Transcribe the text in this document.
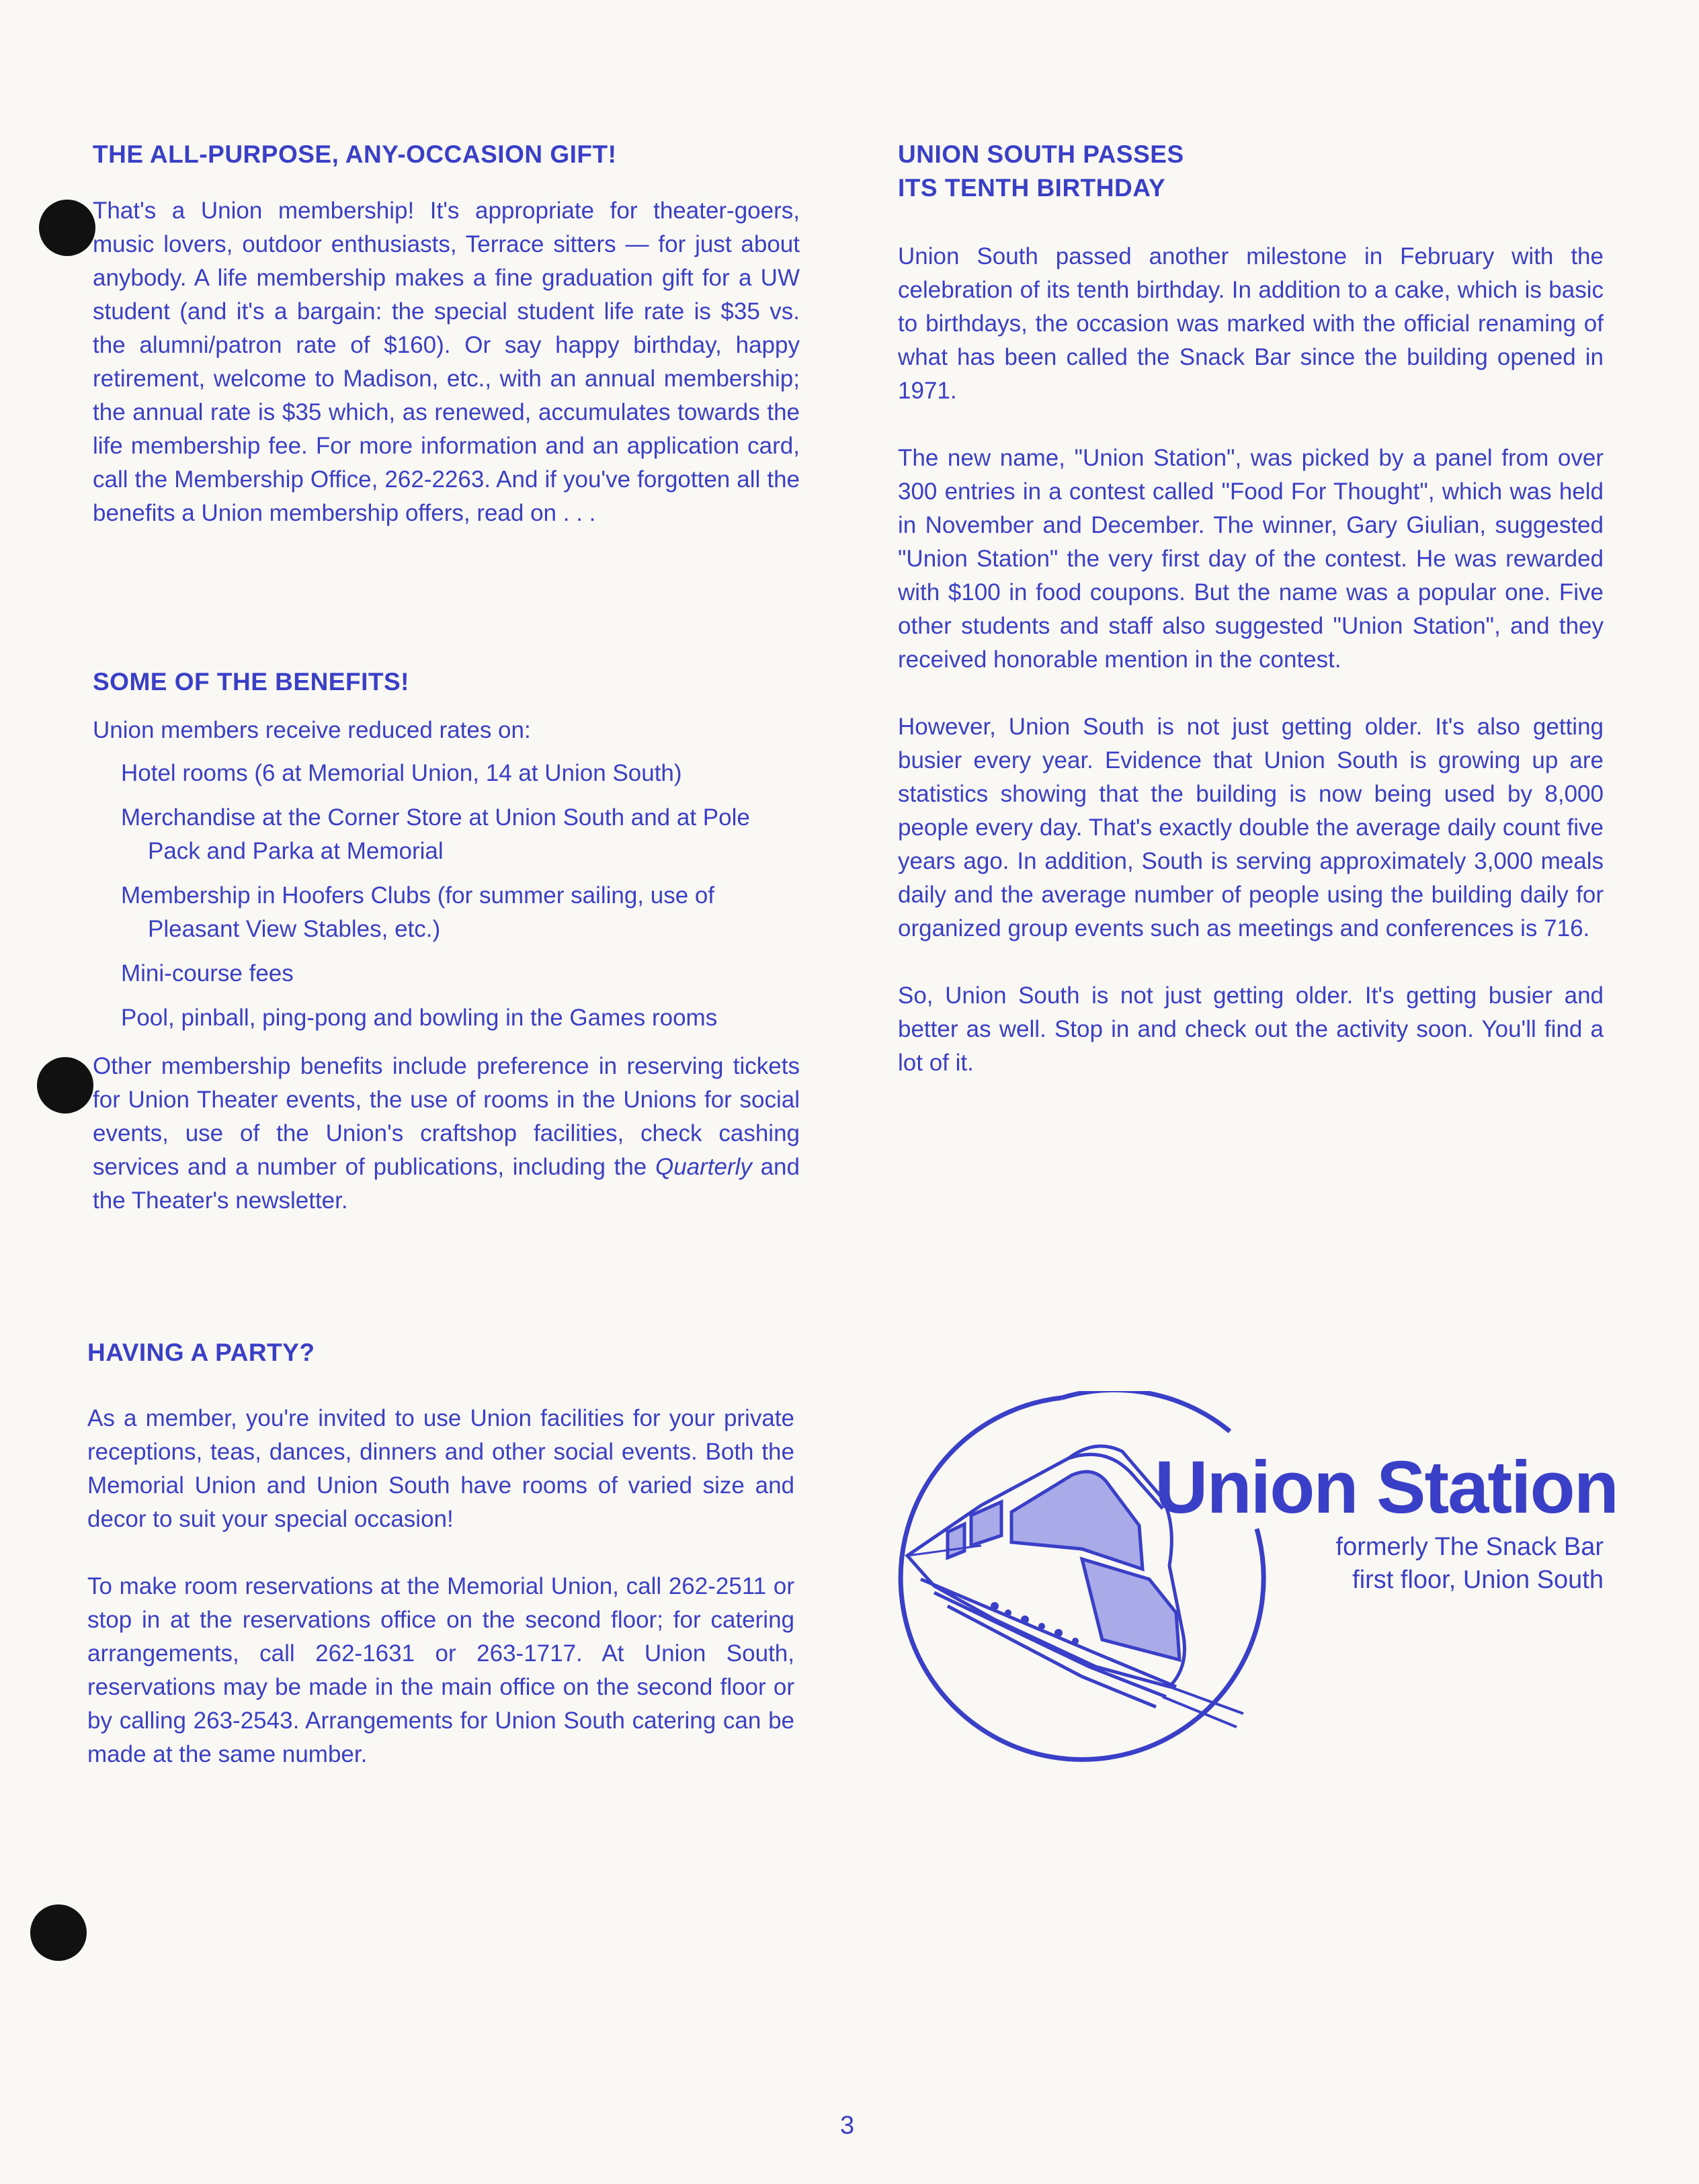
THE ALL-PURPOSE, ANY-OCCASION GIFT!

That's a Union membership! It's appropriate for theater-goers, music lovers, outdoor enthusiasts, Terrace sitters — for just about anybody. A life membership makes a fine graduation gift for a UW student (and it's a bargain: the special student life rate is $35 vs. the alumni/patron rate of $160). Or say happy birthday, happy retirement, welcome to Madison, etc., with an annual membership; the annual rate is $35 which, as renewed, accumulates towards the life membership fee. For more information and an application card, call the Membership Office, 262-2263. And if you've forgotten all the benefits a Union membership offers, read on . . .

SOME OF THE BENEFITS!

Union members receive reduced rates on:

Hotel rooms (6 at Memorial Union, 14 at Union South)
Merchandise at the Corner Store at Union South and at Pole Pack and Parka at Memorial
Membership in Hoofers Clubs (for summer sailing, use of Pleasant View Stables, etc.)
Mini-course fees
Pool, pinball, ping-pong and bowling in the Games rooms

Other membership benefits include preference in reserving tickets for Union Theater events, the use of rooms in the Unions for social events, use of the Union's craftshop facilities, check cashing services and a number of publications, including the Quarterly and the Theater's newsletter.

HAVING A PARTY?

As a member, you're invited to use Union facilities for your private receptions, teas, dances, dinners and other social events. Both the Memorial Union and Union South have rooms of varied size and decor to suit your special occasion!

To make room reservations at the Memorial Union, call 262-2511 or stop in at the reservations office on the second floor; for catering arrangements, call 262-1631 or 263-1717. At Union South, reservations may be made in the main office on the second floor or by calling 263-2543. Arrangements for Union South catering can be made at the same number.

UNION SOUTH PASSES
ITS TENTH BIRTHDAY

Union South passed another milestone in February with the celebration of its tenth birthday. In addition to a cake, which is basic to birthdays, the occasion was marked with the official renaming of what has been called the Snack Bar since the building opened in 1971.

The new name, "Union Station", was picked by a panel from over 300 entries in a contest called "Food For Thought", which was held in November and December. The winner, Gary Giulian, suggested "Union Station" the very first day of the contest. He was rewarded with $100 in food coupons. But the name was a popular one. Five other students and staff also suggested "Union Station", and they received honorable mention in the contest.

However, Union South is not just getting older. It's also getting busier every year. Evidence that Union South is growing up are statistics showing that the building is now being used by 8,000 people every day. That's exactly double the average daily count five years ago. In addition, South is serving approximately 3,000 meals daily and the average number of people using the building daily for organized group events such as meetings and conferences is 716.

So, Union South is not just getting older. It's getting busier and better as well. Stop in and check out the activity soon. You'll find a lot of it.

Union Station
formerly The Snack Bar
first floor, Union South
3
